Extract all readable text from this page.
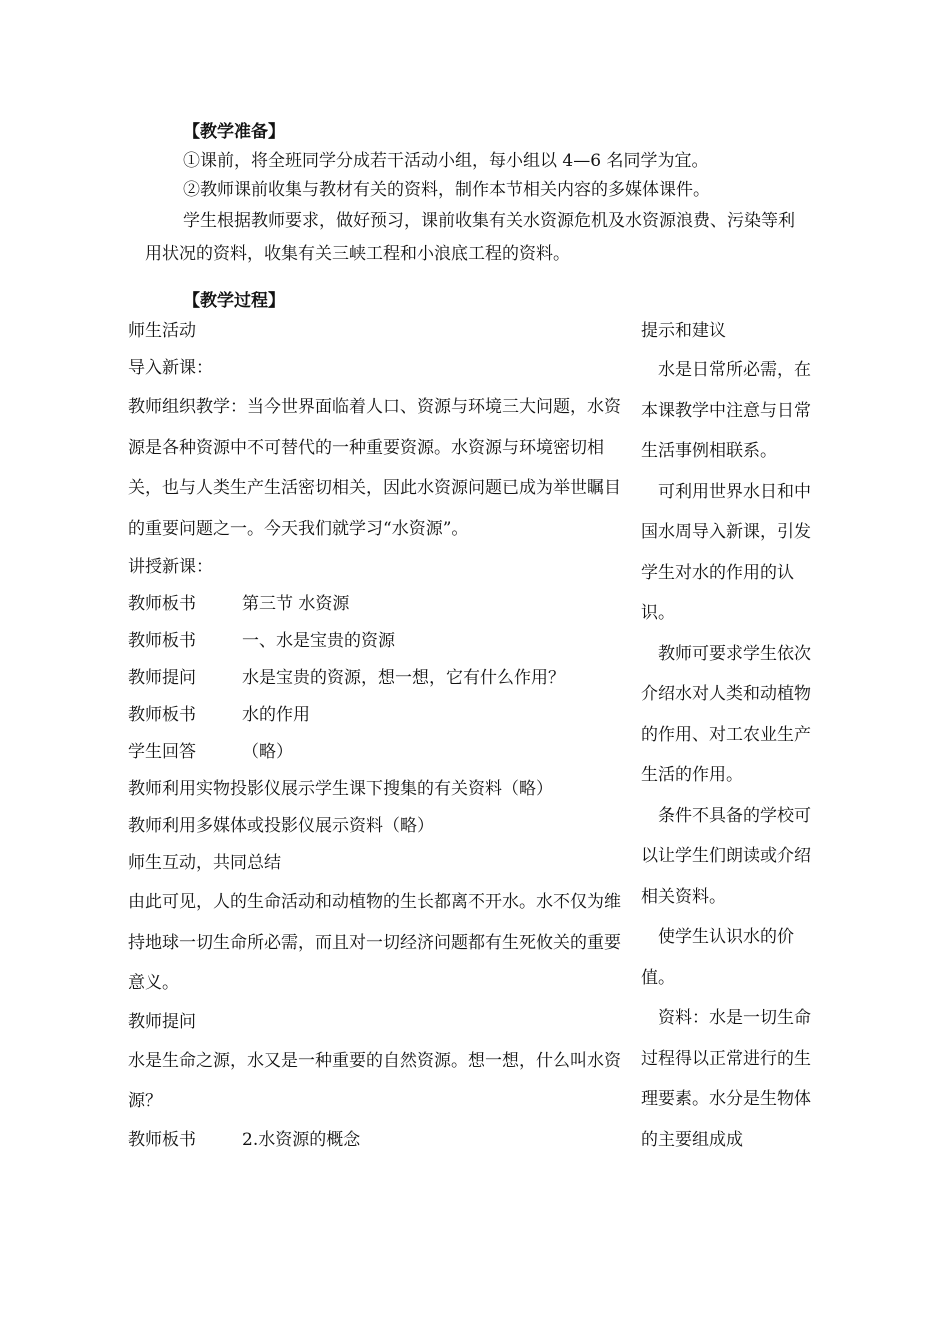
【教学准备】

①课前，将全班同学分成若干活动小组，每小组以 4—6 名同学为宜。

②教师课前收集与教材有关的资料，制作本节相关内容的多媒体课件。

学生根据教师要求，做好预习，课前收集有关水资源危机及水资源浪费、污染等利用状况的资料，收集有关三峡工程和小浪底工程的资料。

【教学过程】

师生活动

导入新课：

教师组织教学：当今世界面临着人口、资源与环境三大问题，水资源是各种资源中不可替代的一种重要资源。水资源与环境密切相关，也与人类生产生活密切相关，因此水资源问题已成为举世瞩目的重要问题之一。今天我们就学习“水资源”。

讲授新课：

教师板书	第三节 水资源

教师板书	一、水是宝贵的资源

教师提问	水是宝贵的资源，想一想，它有什么作用？

教师板书	水的作用

学生回答	（略）

教师利用实物投影仪展示学生课下搜集的有关资料（略）

教师利用多媒体或投影仪展示资料（略）

师生互动，共同总结

由此可见，人的生命活动和动植物的生长都离不开水。水不仅为维持地球一切生命所必需，而且对一切经济问题都有生死攸关的重要意义。

教师提问

水是生命之源，水又是一种重要的自然资源。想一想，什么叫水资源？

教师板书	2.水资源的概念

提示和建议

水是日常所必需，在本课教学中注意与日常生活事例相联系。

可利用世界水日和中国水周导入新课，引发学生对水的作用的认识。

教师可要求学生依次介绍水对人类和动植物的作用、对工农业生产生活的作用。

条件不具备的学校可以让学生们朗读或介绍相关资料。

使学生认识水的价值。

资料：水是一切生命过程得以正常进行的生理要素。水分是生物体的主要组成成
